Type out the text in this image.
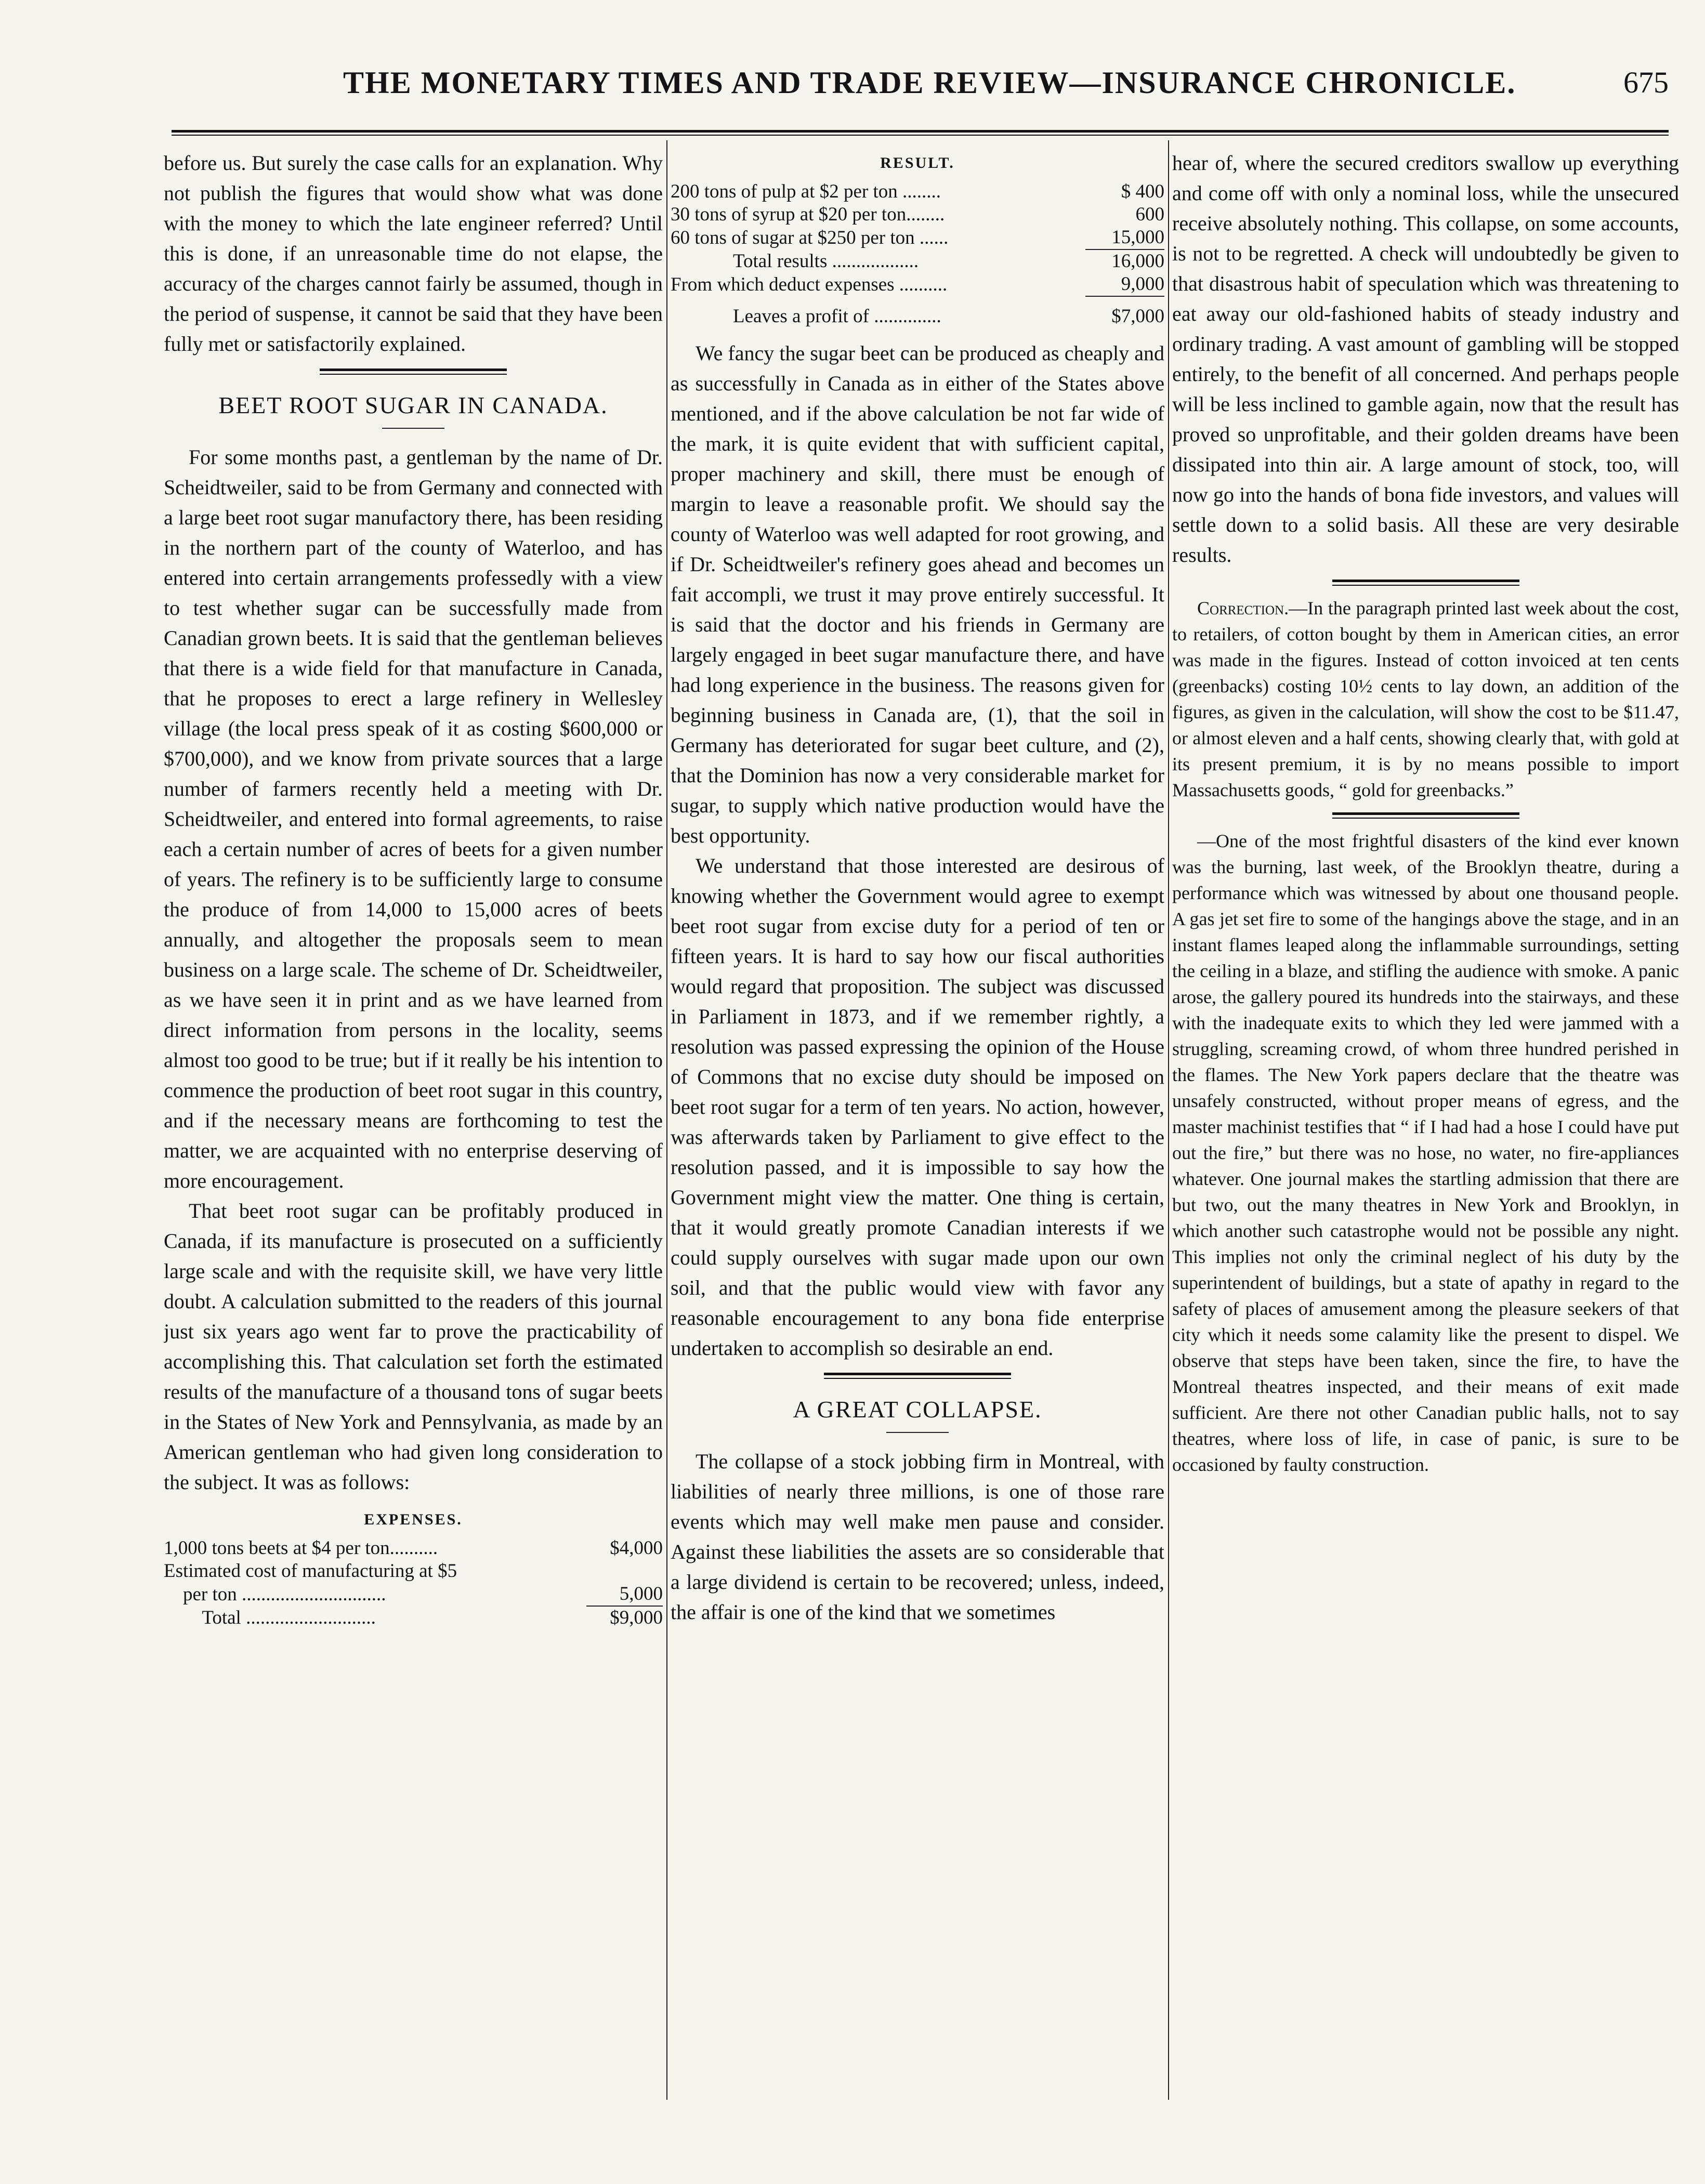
THE MONETARY TIMES AND TRADE REVIEW—INSURANCE CHRONICLE.	675

before us. But surely the case calls for an explanation. Why not publish the figures that would show what was done with the money to which the late engineer referred? Until this is done, if an unreasonable time do not elapse, the accuracy of the charges cannot fairly be assumed, though in the period of suspense, it cannot be said that they have been fully met or satisfactorily explained.

BEET ROOT SUGAR IN CANADA.

For some months past, a gentleman by the name of Dr. Scheidtweiler, said to be from Germany and connected with a large beet root sugar manufactory there, has been residing in the northern part of the county of Waterloo, and has entered into certain arrangements professedly with a view to test whether sugar can be successfully made from Canadian grown beets. It is said that the gentleman believes that there is a wide field for that manufacture in Canada, that he proposes to erect a large refinery in Wellesley village (the local press speak of it as costing $600,000 or $700,000), and we know from private sources that a large number of farmers recently held a meeting with Dr. Scheidtweiler, and entered into formal agreements, to raise each a certain number of acres of beets for a given number of years. The refinery is to be sufficiently large to consume the produce of from 14,000 to 15,000 acres of beets annually, and altogether the proposals seem to mean business on a large scale. The scheme of Dr. Scheidtweiler, as we have seen it in print and as we have learned from direct information from persons in the locality, seems almost too good to be true; but if it really be his intention to commence the production of beet root sugar in this country, and if the necessary means are forthcoming to test the matter, we are acquainted with no enterprise deserving of more encouragement.

That beet root sugar can be profitably produced in Canada, if its manufacture is prosecuted on a sufficiently large scale and with the requisite skill, we have very little doubt. A calculation submitted to the readers of this journal just six years ago went far to prove the practicability of accomplishing this. That calculation set forth the estimated results of the manufacture of a thousand tons of sugar beets in the States of New York and Pennsylvania, as made by an American gentleman who had given long consideration to the subject. It was as follows:

EXPENSES.
1,000 tons beets at $4 per ton..........	$4,000
Estimated cost of manufacturing at $5	
per ton ..............................	5,000
Total ...........................	$9,000
RESULT.
200 tons of pulp at $2 per ton ........	$ 400
30 tons of syrup at $20 per ton........	600
60 tons of sugar at $250 per ton ......	15,000
Total results ..................	16,000
From which deduct expenses ..........	9,000
Leaves a profit of ..............	$7,000

We fancy the sugar beet can be produced as cheaply and as successfully in Canada as in either of the States above mentioned, and if the above calculation be not far wide of the mark, it is quite evident that with sufficient capital, proper machinery and skill, there must be enough of margin to leave a reasonable profit. We should say the county of Waterloo was well adapted for root growing, and if Dr. Scheidtweiler's refinery goes ahead and becomes un fait accompli, we trust it may prove entirely successful. It is said that the doctor and his friends in Germany are largely engaged in beet sugar manufacture there, and have had long experience in the business. The reasons given for beginning business in Canada are, (1), that the soil in Germany has deteriorated for sugar beet culture, and (2), that the Dominion has now a very considerable market for sugar, to supply which native production would have the best opportunity.

We understand that those interested are desirous of knowing whether the Government would agree to exempt beet root sugar from excise duty for a period of ten or fifteen years. It is hard to say how our fiscal authorities would regard that proposition. The subject was discussed in Parliament in 1873, and if we remember rightly, a resolution was passed expressing the opinion of the House of Commons that no excise duty should be imposed on beet root sugar for a term of ten years. No action, however, was afterwards taken by Parliament to give effect to the resolution passed, and it is impossible to say how the Government might view the matter. One thing is certain, that it would greatly promote Canadian interests if we could supply ourselves with sugar made upon our own soil, and that the public would view with favor any reasonable encouragement to any bona fide enterprise undertaken to accomplish so desirable an end.

A GREAT COLLAPSE.

The collapse of a stock jobbing firm in Montreal, with liabilities of nearly three millions, is one of those rare events which may well make men pause and consider. Against these liabilities the assets are so considerable that a large dividend is certain to be recovered; unless, indeed, the affair is one of the kind that we sometimes

hear of, where the secured creditors swallow up everything and come off with only a nominal loss, while the unsecured receive absolutely nothing. This collapse, on some accounts, is not to be regretted. A check will undoubtedly be given to that disastrous habit of speculation which was threatening to eat away our old-fashioned habits of steady industry and ordinary trading. A vast amount of gambling will be stopped entirely, to the benefit of all concerned. And perhaps people will be less inclined to gamble again, now that the result has proved so unprofitable, and their golden dreams have been dissipated into thin air. A large amount of stock, too, will now go into the hands of bona fide investors, and values will settle down to a solid basis. All these are very desirable results.

Correction.—In the paragraph printed last week about the cost, to retailers, of cotton bought by them in American cities, an error was made in the figures. Instead of cotton invoiced at ten cents (greenbacks) costing 10½ cents to lay down, an addition of the figures, as given in the calculation, will show the cost to be $11.47, or almost eleven and a half cents, showing clearly that, with gold at its present premium, it is by no means possible to import Massachusetts goods, “ gold for greenbacks.”

—One of the most frightful disasters of the kind ever known was the burning, last week, of the Brooklyn theatre, during a performance which was witnessed by about one thousand people. A gas jet set fire to some of the hangings above the stage, and in an instant flames leaped along the inflammable surroundings, setting the ceiling in a blaze, and stifling the audience with smoke. A panic arose, the gallery poured its hundreds into the stairways, and these with the inadequate exits to which they led were jammed with a struggling, screaming crowd, of whom three hundred perished in the flames. The New York papers declare that the theatre was unsafely constructed, without proper means of egress, and the master machinist testifies that “ if I had had a hose I could have put out the fire,” but there was no hose, no water, no fire-appliances whatever. One journal makes the startling admission that there are but two, out the many theatres in New York and Brooklyn, in which another such catastrophe would not be possible any night. This implies not only the criminal neglect of his duty by the superintendent of buildings, but a state of apathy in regard to the safety of places of amusement among the pleasure seekers of that city which it needs some calamity like the present to dispel. We observe that steps have been taken, since the fire, to have the Montreal theatres inspected, and their means of exit made sufficient. Are there not other Canadian public halls, not to say theatres, where loss of life, in case of panic, is sure to be occasioned by faulty construction.
